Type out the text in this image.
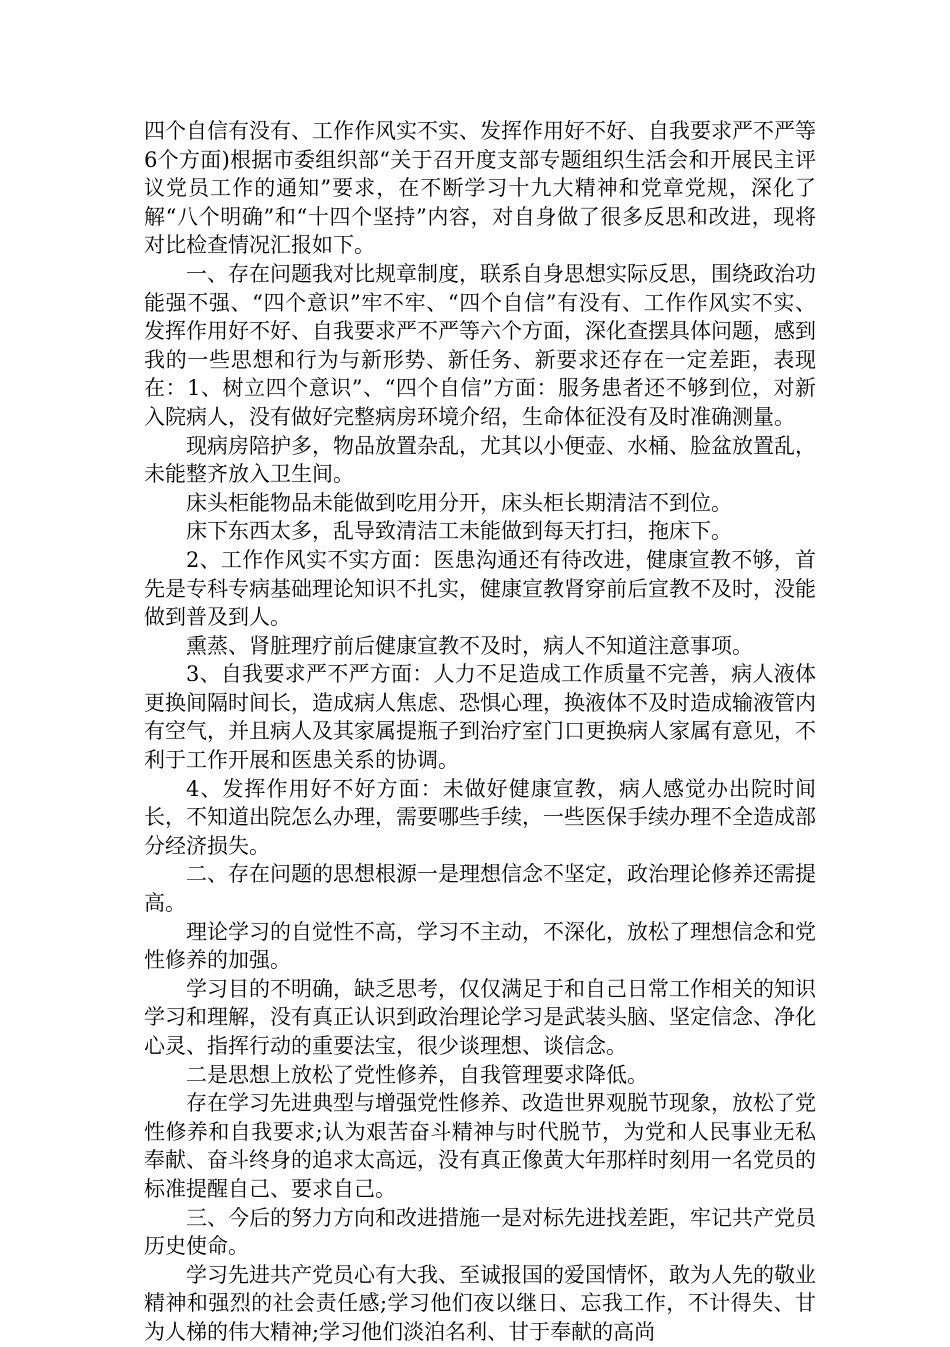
四个自信有没有、工作作风实不实、发挥作用好不好、自我要求严不严等6个方面)根据市委组织部“关于召开度支部专题组织生活会和开展民主评议党员工作的通知”要求，在不断学习十九大精神和党章党规，深化了解“八个明确”和“十四个坚持”内容，对自身做了很多反思和改进，现将对比检查情况汇报如下。

一、存在问题我对比规章制度，联系自身思想实际反思，围绕政治功能强不强、“四个意识”牢不牢、“四个自信”有没有、工作作风实不实、发挥作用好不好、自我要求严不严等六个方面，深化查摆具体问题，感到我的一些思想和行为与新形势、新任务、新要求还存在一定差距，表现在：1、树立四个意识”、“四个自信”方面：服务患者还不够到位，对新入院病人，没有做好完整病房环境介绍，生命体征没有及时准确测量。

现病房陪护多，物品放置杂乱，尤其以小便壶、水桶、脸盆放置乱，未能整齐放入卫生间。

床头柜能物品未能做到吃用分开，床头柜长期清洁不到位。

床下东西太多，乱导致清洁工未能做到每天打扫，拖床下。

2、工作作风实不实方面：医患沟通还有待改进，健康宣教不够，首先是专科专病基础理论知识不扎实，健康宣教肾穿前后宣教不及时，没能做到普及到人。

熏蒸、肾脏理疗前后健康宣教不及时，病人不知道注意事项。

3、自我要求严不严方面：人力不足造成工作质量不完善，病人液体更换间隔时间长，造成病人焦虑、恐惧心理，换液体不及时造成输液管内有空气，并且病人及其家属提瓶子到治疗室门口更换病人家属有意见，不利于工作开展和医患关系的协调。

4、发挥作用好不好方面：未做好健康宣教，病人感觉办出院时间长，不知道出院怎么办理，需要哪些手续，一些医保手续办理不全造成部分经济损失。

二、存在问题的思想根源一是理想信念不坚定，政治理论修养还需提高。

理论学习的自觉性不高，学习不主动，不深化，放松了理想信念和党性修养的加强。

学习目的不明确，缺乏思考，仅仅满足于和自己日常工作相关的知识学习和理解，没有真正认识到政治理论学习是武装头脑、坚定信念、净化心灵、指挥行动的重要法宝，很少谈理想、谈信念。

二是思想上放松了党性修养，自我管理要求降低。

存在学习先进典型与增强党性修养、改造世界观脱节现象，放松了党性修养和自我要求;认为艰苦奋斗精神与时代脱节，为党和人民事业无私奉献、奋斗终身的追求太高远，没有真正像黄大年那样时刻用一名党员的标准提醒自己、要求自己。

三、今后的努力方向和改进措施一是对标先进找差距，牢记共产党员历史使命。

学习先进共产党员心有大我、至诚报国的爱国情怀，敢为人先的敬业精神和强烈的社会责任感;学习他们夜以继日、忘我工作，不计得失、甘为人梯的伟大精神;学习他们淡泊名利、甘于奉献的高尚
